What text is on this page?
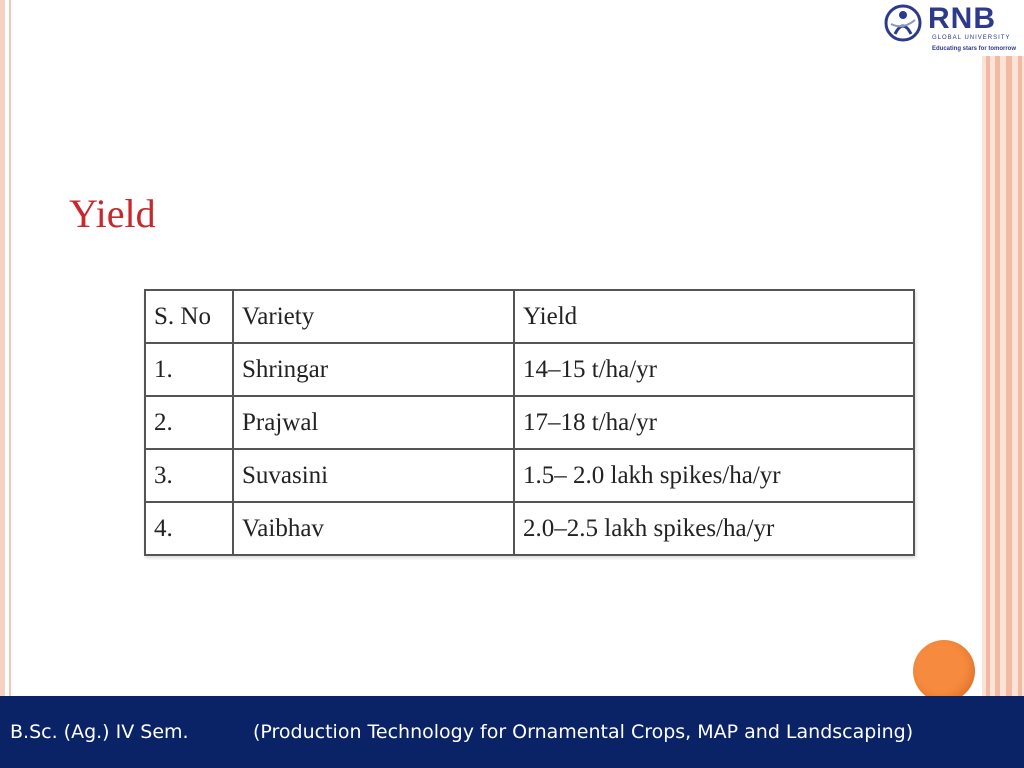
RNB
GLOBAL UNIVERSITY
Educating stars for tomorrow
Yield
S. No	Variety	Yield
1.	Shringar	14–15 t/ha/yr
2.	Prajwal	17–18 t/ha/yr
3.	Suvasini	1.5– 2.0 lakh spikes/ha/yr
4.	Vaibhav	2.0–2.5 lakh spikes/ha/yr
B.Sc. (Ag.) IV Sem.	(Production Technology for Ornamental Crops, MAP and Landscaping)
